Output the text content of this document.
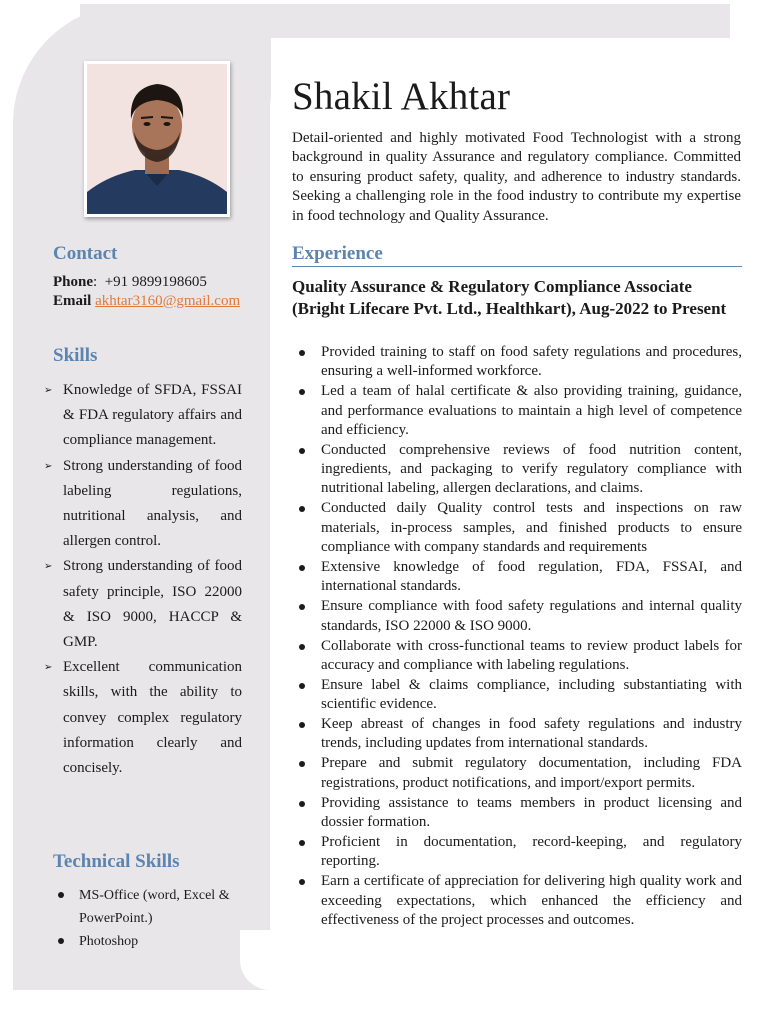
Contact
Phone:  +91 9899198605
Email akhtar3160@gmail.com
Skills
➢ Knowledge of SFDA, FSSAI & FDA regulatory affairs and compliance management.
➢ Strong understanding of food labeling regulations, nutritional analysis, and allergen control.
➢ Strong understanding of food safety principle, ISO 22000 & ISO 9000, HACCP & GMP.
➢ Excellent communication skills, with the ability to convey complex regulatory information clearly and concisely.
Technical Skills
MS-Office (word, Excel & PowerPoint.)
Photoshop
Shakil Akhtar

Detail-oriented and highly motivated Food Technologist with a strong background in quality Assurance and regulatory compliance. Committed to ensuring product safety, quality, and adherence to industry standards. Seeking a challenging role in the food industry to contribute my expertise in food technology and Quality Assurance.

Experience

Quality Assurance & Regulatory Compliance Associate (Bright Lifecare Pvt. Ltd., Healthkart), Aug-2022 to Present

Provided training to staff on food safety regulations and procedures, ensuring a well-informed workforce.
Led a team of halal certificate & also providing training, guidance, and performance evaluations to maintain a high level of competence and efficiency.
Conducted comprehensive reviews of food nutrition content, ingredients, and packaging to verify regulatory compliance with nutritional labeling, allergen declarations, and claims.
Conducted daily Quality control tests and inspections on raw materials, in-process samples, and finished products to ensure compliance with company standards and requirements
Extensive knowledge of food regulation, FDA, FSSAI, and international standards.
Ensure compliance with food safety regulations and internal quality standards, ISO 22000 & ISO 9000.
Collaborate with cross-functional teams to review product labels for accuracy and compliance with labeling regulations.
Ensure label & claims compliance, including substantiating with scientific evidence.
Keep abreast of changes in food safety regulations and industry trends, including updates from international standards.
Prepare and submit regulatory documentation, including FDA registrations, product notifications, and import/export permits.
Providing assistance to teams members in product licensing and dossier formation.
Proficient in documentation, record-keeping, and regulatory reporting.
Earn a certificate of appreciation for delivering high quality work and exceeding expectations, which enhanced the efficiency and effectiveness of the project processes and outcomes.
